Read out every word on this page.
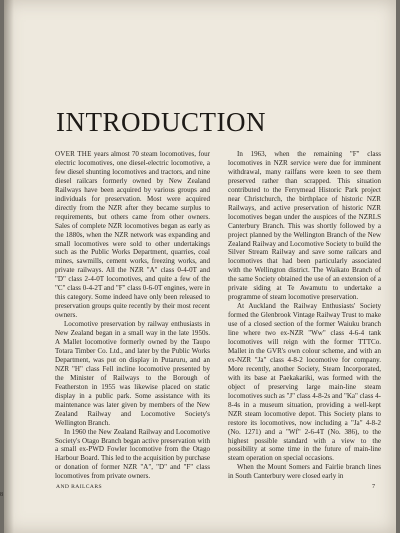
INTRODUCTION

OVER THE years almost 70 steam locomotives, four electric locomotives, one diesel-electric locomotive, a few diesel shunting locomotives and tractors, and nine diesel railcars formerly owned by New Zealand Railways have been acquired by various groups and individuals for preservation. Most were acquired directly from the NZR after they became surplus to requirements, but others came from other owners. Sales of complete NZR locomotives began as early as the 1880s, when the NZR network was expanding and small locomotives were sold to other undertakings such as the Public Works Department, quarries, coal mines, sawmills, cement works, freezing works, and private railways. All the NZR "A" class 0-4-0T and "D" class 2-4-0T locomotives, and quite a few of the "C" class 0-4-2T and "F" class 0-6-0T engines, were in this category. Some indeed have only been released to preservation groups quite recently by their most recent owners.

Locomotive preservation by railway enthusiasts in New Zealand began in a small way in the late 1950s. A Mallet locomotive formerly owned by the Taupo Totara Timber Co. Ltd., and later by the Public Works Department, was put on display in Putaruru, and an NZR "H" class Fell incline locomotive presented by the Minister of Railways to the Borough of Featherston in 1955 was likewise placed on static display in a public park. Some assistance with its maintenance was later given by members of the New Zealand Railway and Locomotive Society's Wellington Branch.

In 1960 the New Zealand Railway and Locomotive Society's Otago Branch began active preservation with a small ex-PWD Fowler locomotive from the Otago Harbour Board. This led to the acquisition by purchase or donation of former NZR "A", "D" and "F" class locomotives from private owners.

In 1963, when the remaining "F" class locomotives in NZR service were due for imminent withdrawal, many railfans were keen to see them preserved rather than scrapped. This situation contributed to the Ferrymead Historic Park project near Christchurch, the birthplace of historic NZR Railways, and active preservation of historic NZR locomotives began under the auspices of the NZRLS Canterbury Branch. This was shortly followed by a project planned by the Wellington Branch of the New Zealand Railway and Locomotive Society to build the Silver Stream Railway and save some railcars and locomotives that had been particularly associated with the Wellington district. The Waikato Branch of the same Society obtained the use of an extension of a private siding at Te Awamutu to undertake a programme of steam locomotive preservation.

At Auckland the Railway Enthusiasts' Society formed the Glenbrook Vintage Railway Trust to make use of a closed section of the former Waiuku branch line where two ex-NZR "Ww" class 4-6-4 tank locomotives will reign with the former TTTCo. Mallet in the GVR's own colour scheme, and with an ex-NZR "Ja" class 4-8-2 locomotive for company. More recently, another Society, Steam Incorporated, with its base at Paekakariki, was formed with the object of preserving large main-line steam locomotives such as "J" class 4-8-2s and "Ka" class 4-8-4s in a museum situation, providing a well-kept NZR steam locomotive depot. This Society plans to restore its locomotives, now including a "Ja" 4-8-2 (No. 1271) and a "Wf" 2-6-4T (No. 386), to the highest possible standard with a view to the possibility at some time in the future of main-line steam operation on special occasions.

When the Mount Somers and Fairlie branch lines in South Canterbury were closed early in

AND RAILCARS	7
8
